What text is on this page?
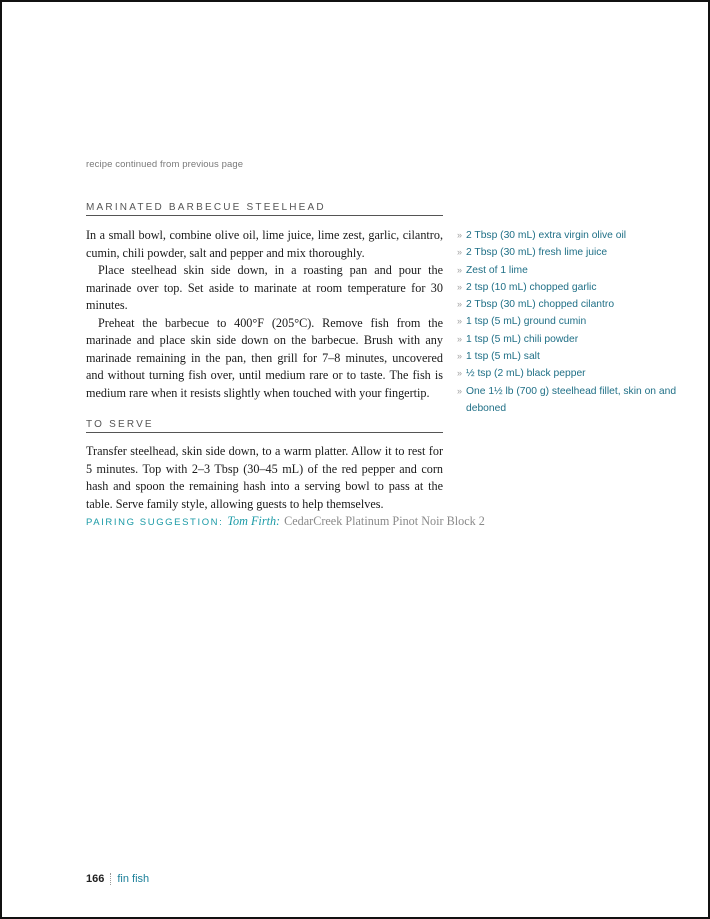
recipe continued from previous page
MARINATED BARBECUE STEELHEAD

In a small bowl, combine olive oil, lime juice, lime zest, garlic, cilantro, cumin, chili powder, salt and pepper and mix thoroughly.

Place steelhead skin side down, in a roasting pan and pour the marinade over top. Set aside to marinate at room temperature for 30 minutes.

Preheat the barbecue to 400°F (205°C). Remove fish from the marinade and place skin side down on the barbecue. Brush with any marinade remaining in the pan, then grill for 7–8 minutes, uncovered and without turning fish over, until medium rare or to taste. The fish is medium rare when it resists slightly when touched with your fingertip.

» 2 Tbsp (30 mL) extra virgin olive oil
» 2 Tbsp (30 mL) fresh lime juice
» Zest of 1 lime
» 2 tsp (10 mL) chopped garlic
» 2 Tbsp (30 mL) chopped cilantro
» 1 tsp (5 mL) ground cumin
» 1 tsp (5 mL) chili powder
» 1 tsp (5 mL) salt
» ½ tsp (2 mL) black pepper
» One 1½ lb (700 g) steelhead fillet, skin on and deboned
TO SERVE

Transfer steelhead, skin side down, to a warm platter. Allow it to rest for 5 minutes. Top with 2–3 Tbsp (30–45 mL) of the red pepper and corn hash and spoon the remaining hash into a serving bowl to pass at the table. Serve family style, allowing guests to help themselves.

PAIRING SUGGESTION: Tom Firth: CedarCreek Platinum Pinot Noir Block 2
166 fin fish
